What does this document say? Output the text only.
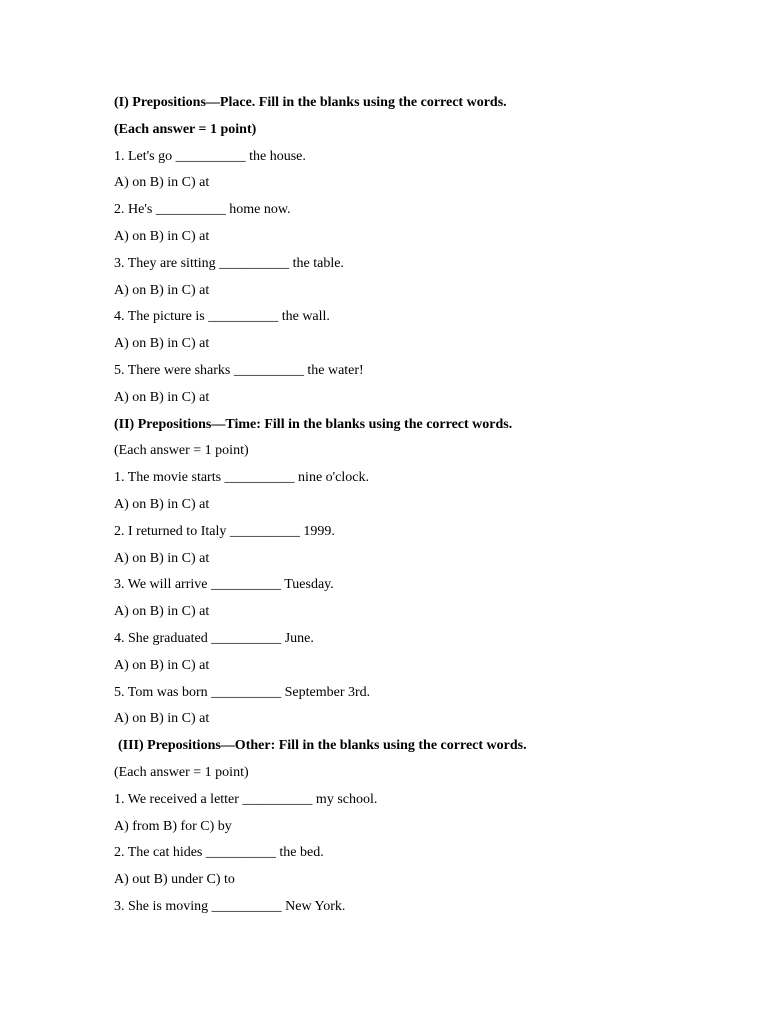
(I) Prepositions—Place. Fill in the blanks using the correct words.
(Each answer = 1 point)
1. Let's go __________ the house.
A) on B) in C) at
2. He's __________ home now.
A) on B) in C) at
3. They are sitting __________ the table.
A) on B) in C) at
4. The picture is __________ the wall.
A) on B) in C) at
5. There were sharks __________ the water!
A) on B) in C) at
(II) Prepositions—Time: Fill in the blanks using the correct words.
(Each answer = 1 point)
1. The movie starts __________ nine o'clock.
A) on B) in C) at
2. I returned to Italy __________ 1999.
A) on B) in C) at
3. We will arrive __________ Tuesday.
A) on B) in C) at
4. She graduated __________ June.
A) on B) in C) at
5. Tom was born __________ September 3rd.
A) on B) in C) at
(III) Prepositions—Other: Fill in the blanks using the correct words.
(Each answer = 1 point)
1. We received a letter __________ my school.
A) from B) for C) by
2. The cat hides __________ the bed.
A) out B) under C) to
3. She is moving __________ New York.
